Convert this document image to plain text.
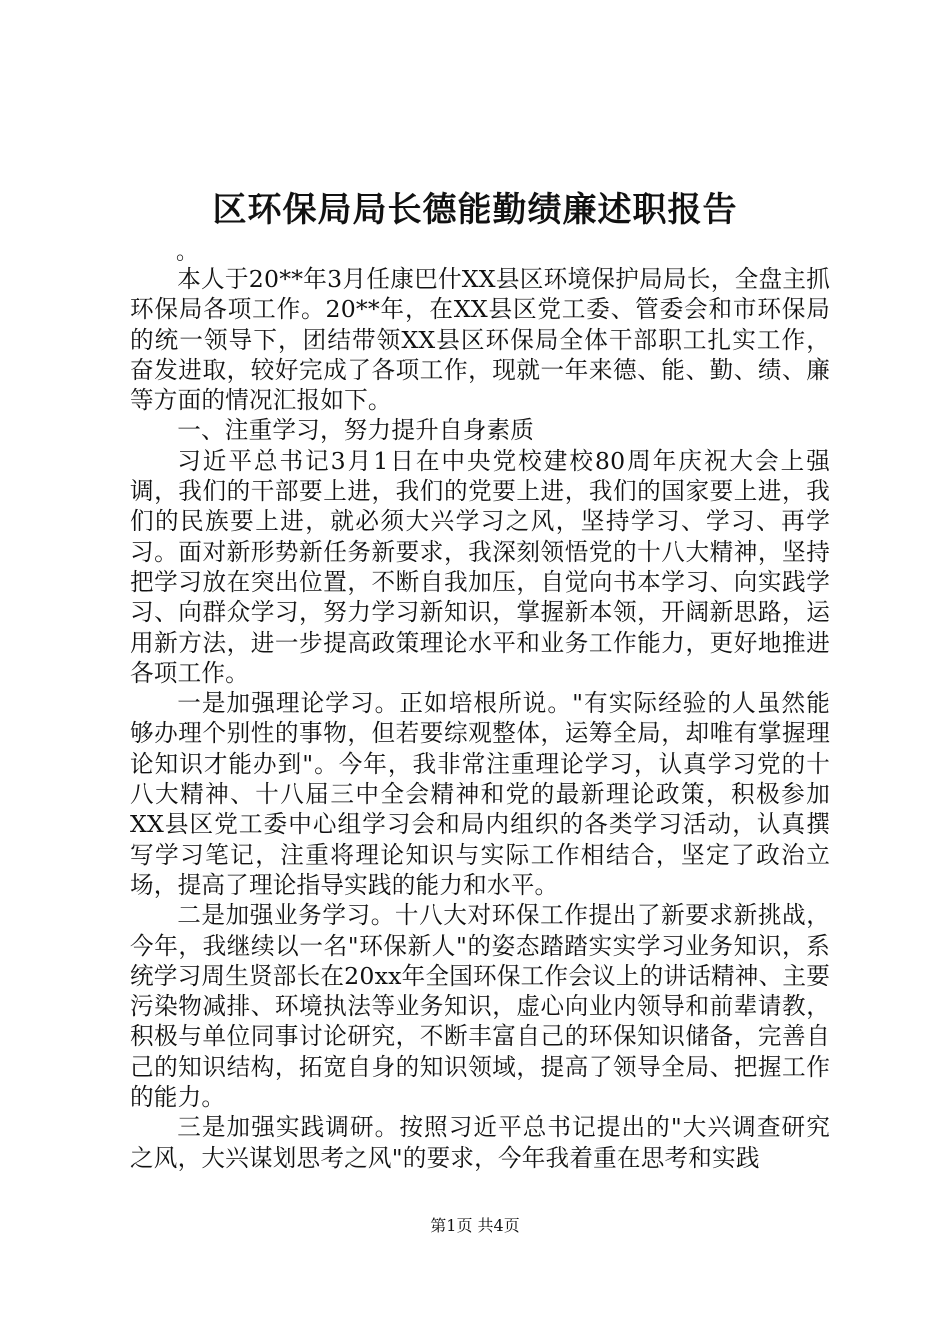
区环保局局长德能勤绩廉述职报告
。

本人于20**年3月任康巴什XX县区环境保护局局长，全盘主抓环保局各项工作。20**年，在XX县区党工委、管委会和市环保局的统一领导下，团结带领XX县区环保局全体干部职工扎实工作，奋发进取，较好完成了各项工作，现就一年来德、能、勤、绩、廉等方面的情况汇报如下。

一、注重学习，努力提升自身素质

习近平总书记3月1日在中央党校建校80周年庆祝大会上强调，我们的干部要上进，我们的党要上进，我们的国家要上进，我们的民族要上进，就必须大兴学习之风，坚持学习、学习、再学习。面对新形势新任务新要求，我深刻领悟党的十八大精神，坚持把学习放在突出位置，不断自我加压，自觉向书本学习、向实践学习、向群众学习，努力学习新知识，掌握新本领，开阔新思路，运用新方法，进一步提高政策理论水平和业务工作能力，更好地推进各项工作。

一是加强理论学习。正如培根所说。"有实际经验的人虽然能够办理个别性的事物，但若要综观整体，运筹全局，却唯有掌握理论知识才能办到"。今年，我非常注重理论学习，认真学习党的十八大精神、十八届三中全会精神和党的最新理论政策，积极参加XX县区党工委中心组学习会和局内组织的各类学习活动，认真撰写学习笔记，注重将理论知识与实际工作相结合，坚定了政治立场，提高了理论指导实践的能力和水平。

二是加强业务学习。十八大对环保工作提出了新要求新挑战，今年，我继续以一名"环保新人"的姿态踏踏实实学习业务知识，系统学习周生贤部长在20xx年全国环保工作会议上的讲话精神、主要污染物减排、环境执法等业务知识，虚心向业内领导和前辈请教，积极与单位同事讨论研究，不断丰富自己的环保知识储备，完善自己的知识结构，拓宽自身的知识领域，提高了领导全局、把握工作的能力。

三是加强实践调研。按照习近平总书记提出的"大兴调查研究之风，大兴谋划思考之风"的要求，今年我着重在思考和实践

第1页 共4页
